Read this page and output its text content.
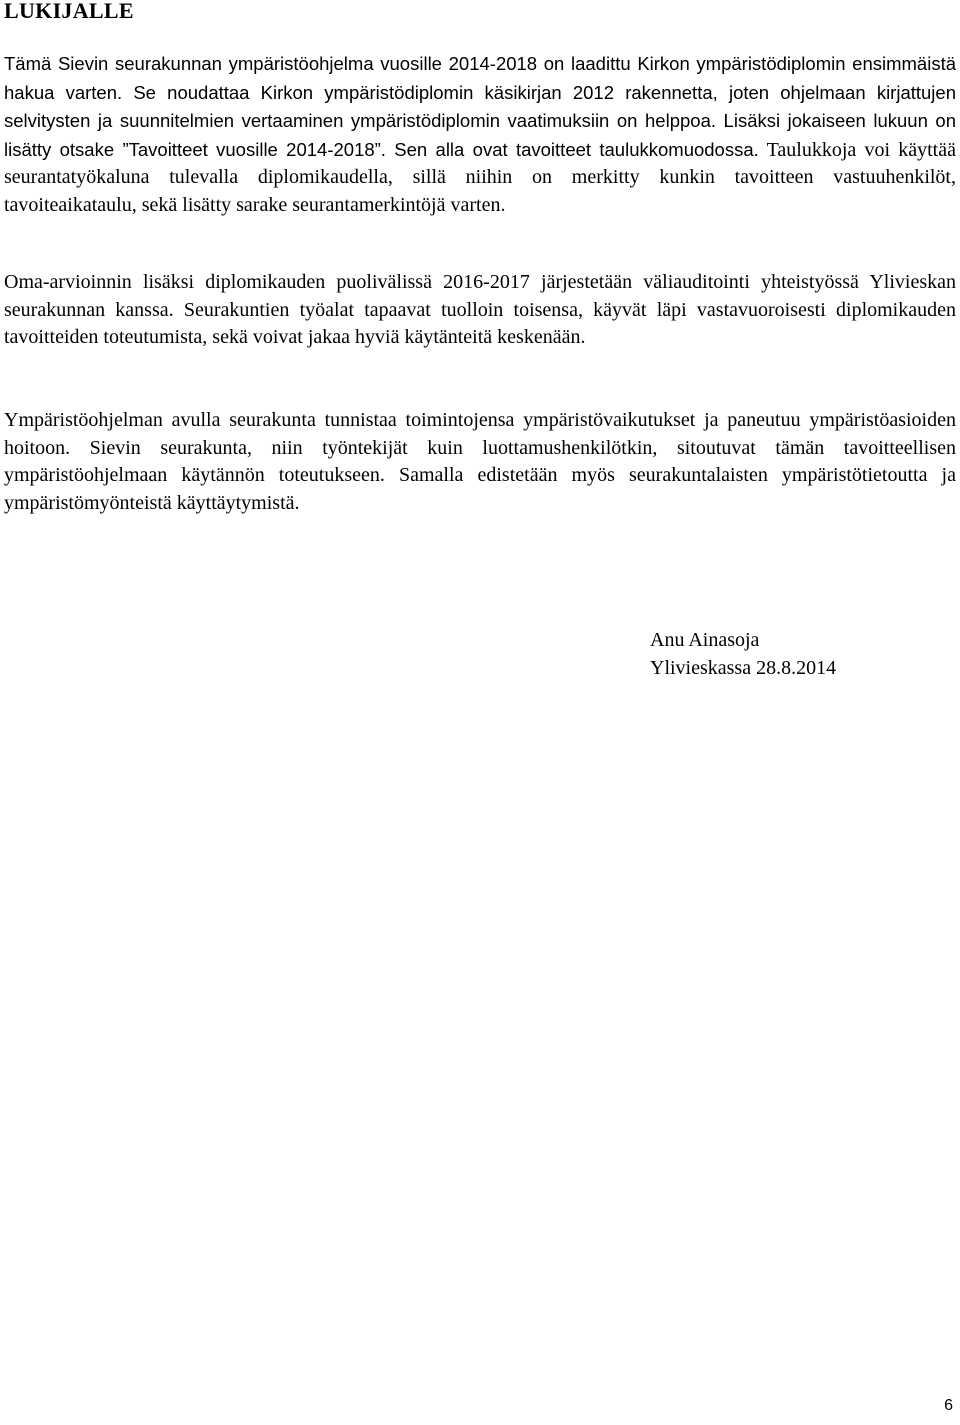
LUKIJALLE

Tämä Sievin seurakunnan ympäristöohjelma vuosille 2014-2018 on laadittu Kirkon ympäristödiplomin ensimmäistä hakua varten. Se noudattaa Kirkon ympäristödiplomin käsikirjan 2012 rakennetta, joten ohjelmaan kirjattujen selvitysten ja suunnitelmien vertaaminen ympäristödiplomin vaatimuksiin on helppoa. Lisäksi jokaiseen lukuun on lisätty otsake ”Tavoitteet vuosille 2014-2018”. Sen alla ovat tavoitteet taulukkomuodossa. Taulukkoja voi käyttää seurantatyökaluna tulevalla diplomikaudella, sillä niihin on merkitty kunkin tavoitteen vastuuhenkilöt, tavoiteaikataulu, sekä lisätty sarake seurantamerkintöjä varten.

Oma-arvioinnin lisäksi diplomikauden puolivälissä 2016-2017 järjestetään väliauditointi yhteistyössä Ylivieskan seurakunnan kanssa. Seurakuntien työalat tapaavat tuolloin toisensa, käyvät läpi vastavuoroisesti diplomikauden tavoitteiden toteutumista, sekä voivat jakaa hyviä käytänteitä keskenään.

Ympäristöohjelman avulla seurakunta tunnistaa toimintojensa ympäristövaikutukset ja paneutuu ympäristöasioiden hoitoon. Sievin seurakunta, niin työntekijät kuin luottamushenkilötkin, sitoutuvat tämän tavoitteellisen ympäristöohjelmaan käytännön toteutukseen. Samalla edistetään myös seurakuntalaisten ympäristötietoutta ja ympäristömyönteistä käyttäytymistä.

Anu Ainasoja
Ylivieskassa 28.8.2014
6
